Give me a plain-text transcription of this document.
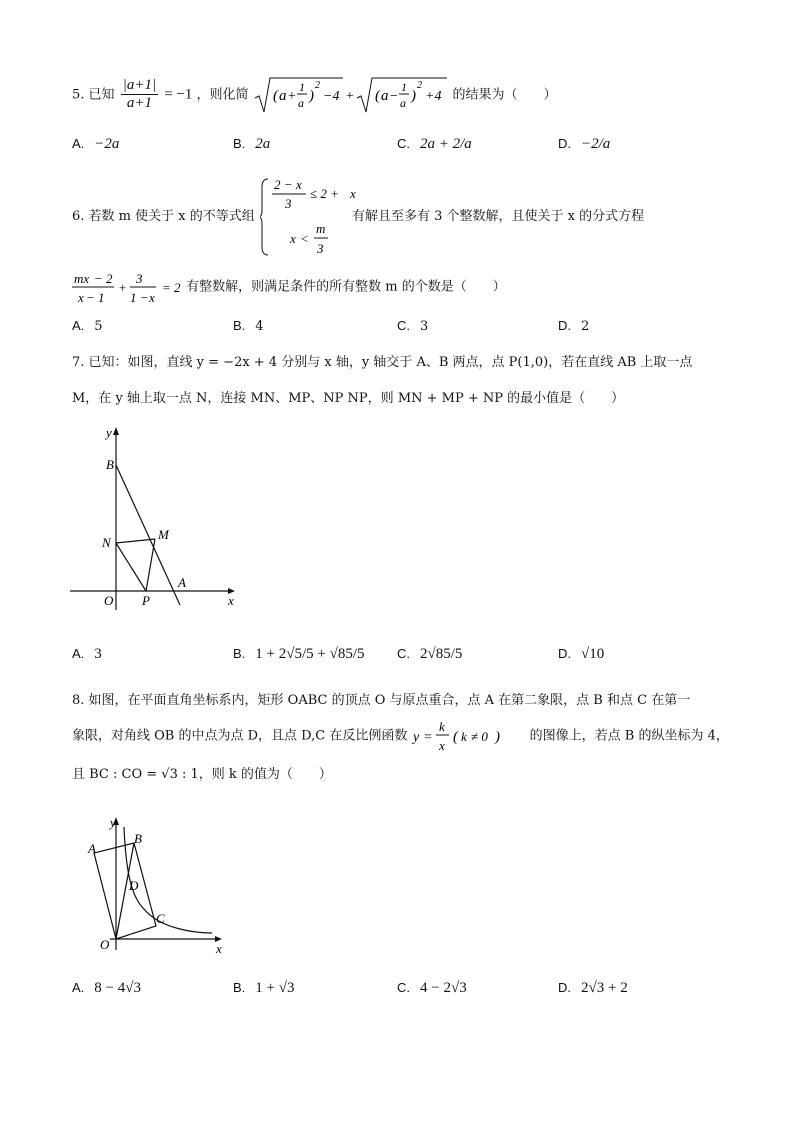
5. 已知 $\frac{|a+1|}{a+1} = -1$ ，则化简 ( a +
1
a )
2
−4 + ( a −
1
a )
2
+4 的结果为（　　）
A. −2a	B. 2a	C. 2a + 2/a	D. −2/a
6. 若数 m 使关于 x 的不等式组
2 − x
3
≤ 2 + x
x <
m
3
有解且至多有 3 个整数解，且使关于 x 的分式方程
mx − 2
x − 1
+
3
1 − x
= 2 有整数解，则满足条件的所有整数 m 的个数是（　　）
A. 5	B. 4	C. 3	D. 2
7. 已知：如图，直线 y = −2x + 4 分别与 x 轴，y 轴交于 A、B 两点，点 P(1,0)，若在直线 AB 上取一点
M，在 y 轴上取一点 N，连接 MN、MP、NP NP，则 MN + MP + NP 的最小值是（　　）
y
B
N
M
A
O P	x
A. 3	B. 1 + 2√5/5 + √85/5 C. 2√85/5	D. √10
8. 如图，在平面直角坐标系内，矩形 OABC 的顶点 O 与原点重合，点 A 在第二象限，点 B 和点 C 在第一
象限，对角线 OB 的中点为点 D，且点 D,C 在反比例函数 y =
k
x
( k ≠ 0 ) 的图像上，若点 B 的纵坐标为 4，
且 BC : CO = √3 : 1，则 k 的值为（　　）
y
A
B
D
C
O	x
A. 8 − 4√3	B. 1 + √3	C. 4 − 2√3	D. 2√3 + 2
